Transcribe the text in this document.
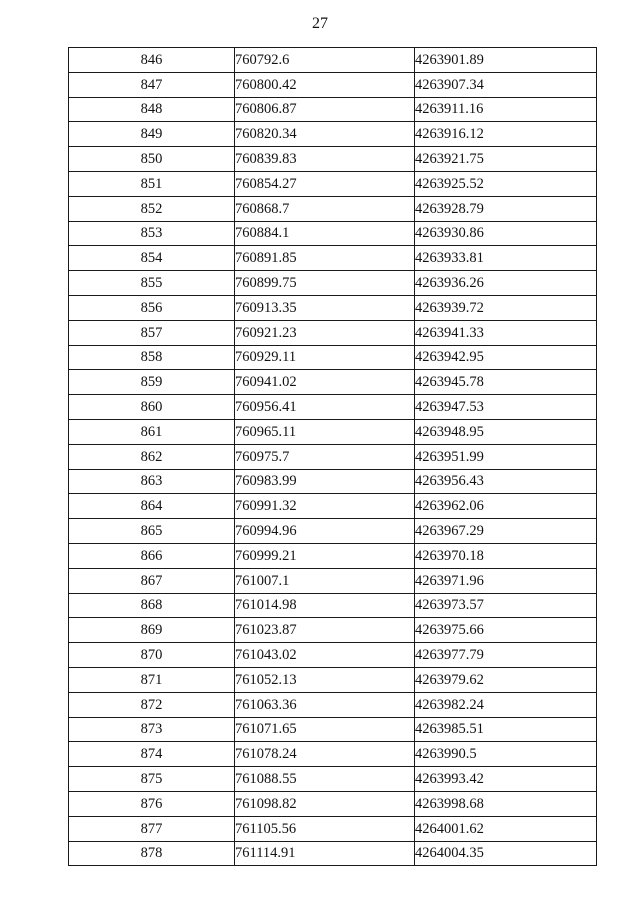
27
846	760792.6	4263901.89
847	760800.42	4263907.34
848	760806.87	4263911.16
849	760820.34	4263916.12
850	760839.83	4263921.75
851	760854.27	4263925.52
852	760868.7	4263928.79
853	760884.1	4263930.86
854	760891.85	4263933.81
855	760899.75	4263936.26
856	760913.35	4263939.72
857	760921.23	4263941.33
858	760929.11	4263942.95
859	760941.02	4263945.78
860	760956.41	4263947.53
861	760965.11	4263948.95
862	760975.7	4263951.99
863	760983.99	4263956.43
864	760991.32	4263962.06
865	760994.96	4263967.29
866	760999.21	4263970.18
867	761007.1	4263971.96
868	761014.98	4263973.57
869	761023.87	4263975.66
870	761043.02	4263977.79
871	761052.13	4263979.62
872	761063.36	4263982.24
873	761071.65	4263985.51
874	761078.24	4263990.5
875	761088.55	4263993.42
876	761098.82	4263998.68
877	761105.56	4264001.62
878	761114.91	4264004.35
